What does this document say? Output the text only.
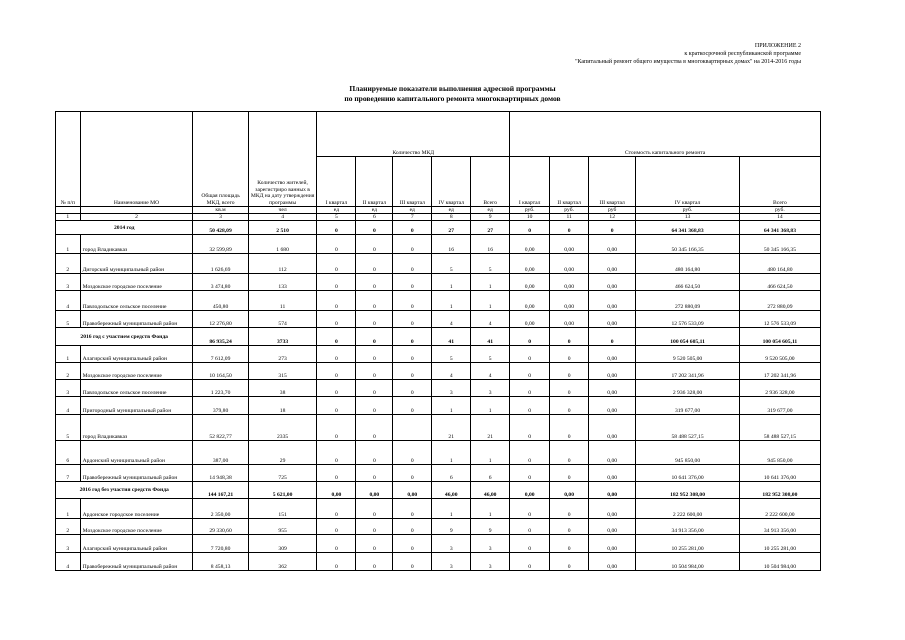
ПРИЛОЖЕНИЕ 2
к краткосрочной республиканской программе
"Капитальный ремонт общего имущества в многоквартирных домах" на 2014-2016 годы
Планируемые показатели выполнения адресной программы
по проведению капитального ремонта многоквартирных домов
№ п/п	Наименование МО	Общая площадь МКД, всего	Количество жителей, зарегистриро ванных в МКД на дату утверждения программы	Количество МКД					Стоимость капитального ремонта				
				I квартал	II квартал	III квартал	IV квартал	Всего	I квартал	II квартал	III квартал	IV квартал	Всего
		кв.м	чел	ед	ед	ед	ед	ед	руб.	руб.	руб	руб.	руб.
1	2	3	4	5	6	7	8	9	10	11	12	13	14
2014 год		50 428,09	2 510	0	0	0	27	27	0	0	0	64 341 368,83	64 341 368,83
1	город Владикавказ	32 599,89	1 680	0	0	0	16	16	0,00	0,00	0,00	50 345 166,35	50 345 166,35
2	Дигорский муниципальный район	1 626,69	112	0	0	0	5	5	0,00	0,00	0,00	480 164,80	480 164,80
3	Моздокское городское поселение	3 474,80	133	0	0	0	1	1	0,00	0,00	0,00	466 624,50	466 624,50
4	Павлодольское сельское поселение	450,80	11	0	0	0	1	1	0,00	0,00	0,00	272 880,09	272 880,09
5	Правобережный муниципальный район	12 276,80	574	0	0	0	4	4	0,00	0,00	0,00	12 576 533,09	12 576 533,09
2016 год с участием средств Фонда		86 935,24	3733	0	0	0	41	41	0	0	0	100 054 605,11	100 054 605,11
1	Алагирский муниципальный район	7 612,09	273	0	0	0	5	5	0	0	0,00	9 520 505,00	9 520 505,00
2	Моздокское городское поселение	10 164,50	315	0	0	0	4	4	0	0	0,00	17 202 341,96	17 202 341,96
3	Павлодольское сельское поселение	1 223,70	38	0	0	0	3	3	0	0	0,00	2 936 328,00	2 936 328,00
4	Пригородный муниципальный район	379,80	18	0	0	0	1	1	0	0	0,00	319 677,00	319 677,00
5	город Владикавказ	52 822,77	2335	0	0		21	21	0	0	0,00	58 488 527,15	58 488 527,15
6	Ардонский муниципальный район	387,00	29	0	0	0	1	1	0	0	0,00	945 850,00	945 850,00
7	Правобережный муниципальный район	14 948,38	725	0	0	0	6	6	0	0	0,00	10 641 376,00	10 641 376,00
2016 год без участия средств Фонда		144 167,21	5 621,00	0,00	0,00	0,00	46,00	46,00	0,00	0,00	0,00	182 952 308,00	182 952 308,00
1	Ардонское городское поселение	2 350,00	151	0	0	0	1	1	0	0	0,00	2 222 600,00	2 222 600,00
2	Моздокское городское поселение	29 330,60	955	0	0	0	9	9	0	0	0,00	34 913 356,00	34 913 356,00
3	Алагирский муниципальный район	7 720,80	309	0	0	0	3	3	0	0	0,00	10 255 281,00	10 255 281,00
4	Правобережный муниципальный район	8 458,13	362	0	0	0	3	3	0	0	0,00	10 504 984,00	10 504 984,00
